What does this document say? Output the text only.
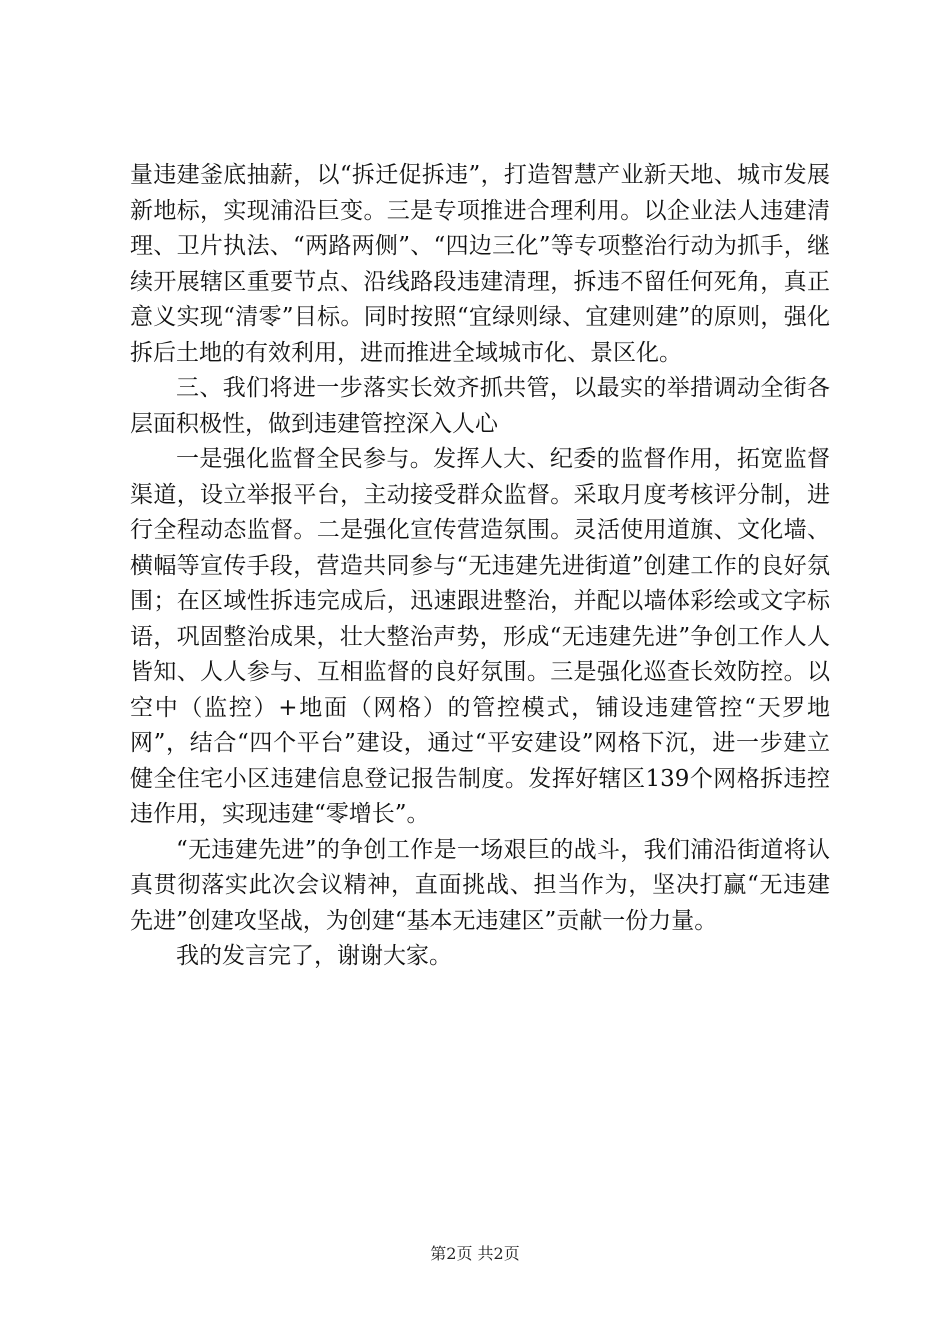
量违建釜底抽薪，以“拆迁促拆违”，打造智慧产业新天地、城市发展新地标，实现浦沿巨变。三是专项推进合理利用。以企业法人违建清理、卫片执法、“两路两侧”、“四边三化”等专项整治行动为抓手，继续开展辖区重要节点、沿线路段违建清理，拆违不留任何死角，真正意义实现“清零”目标。同时按照“宜绿则绿、宜建则建”的原则，强化拆后土地的有效利用，进而推进全域城市化、景区化。

三、我们将进一步落实长效齐抓共管，以最实的举措调动全街各层面积极性，做到违建管控深入人心

一是强化监督全民参与。发挥人大、纪委的监督作用，拓宽监督渠道，设立举报平台，主动接受群众监督。采取月度考核评分制，进行全程动态监督。二是强化宣传营造氛围。灵活使用道旗、文化墙、横幅等宣传手段，营造共同参与“无违建先进街道”创建工作的良好氛围；在区域性拆违完成后，迅速跟进整治，并配以墙体彩绘或文字标语，巩固整治成果，壮大整治声势，形成“无违建先进”争创工作人人皆知、人人参与、互相监督的良好氛围。三是强化巡查长效防控。以空中（监控）+地面（网格）的管控模式，铺设违建管控“天罗地网”，结合“四个平台”建设，通过“平安建设”网格下沉，进一步建立健全住宅小区违建信息登记报告制度。发挥好辖区139个网格拆违控违作用，实现违建“零增长”。

“无违建先进”的争创工作是一场艰巨的战斗，我们浦沿街道将认真贯彻落实此次会议精神，直面挑战、担当作为，坚决打赢“无违建先进”创建攻坚战，为创建“基本无违建区”贡献一份力量。

我的发言完了，谢谢大家。

第2页 共2页
